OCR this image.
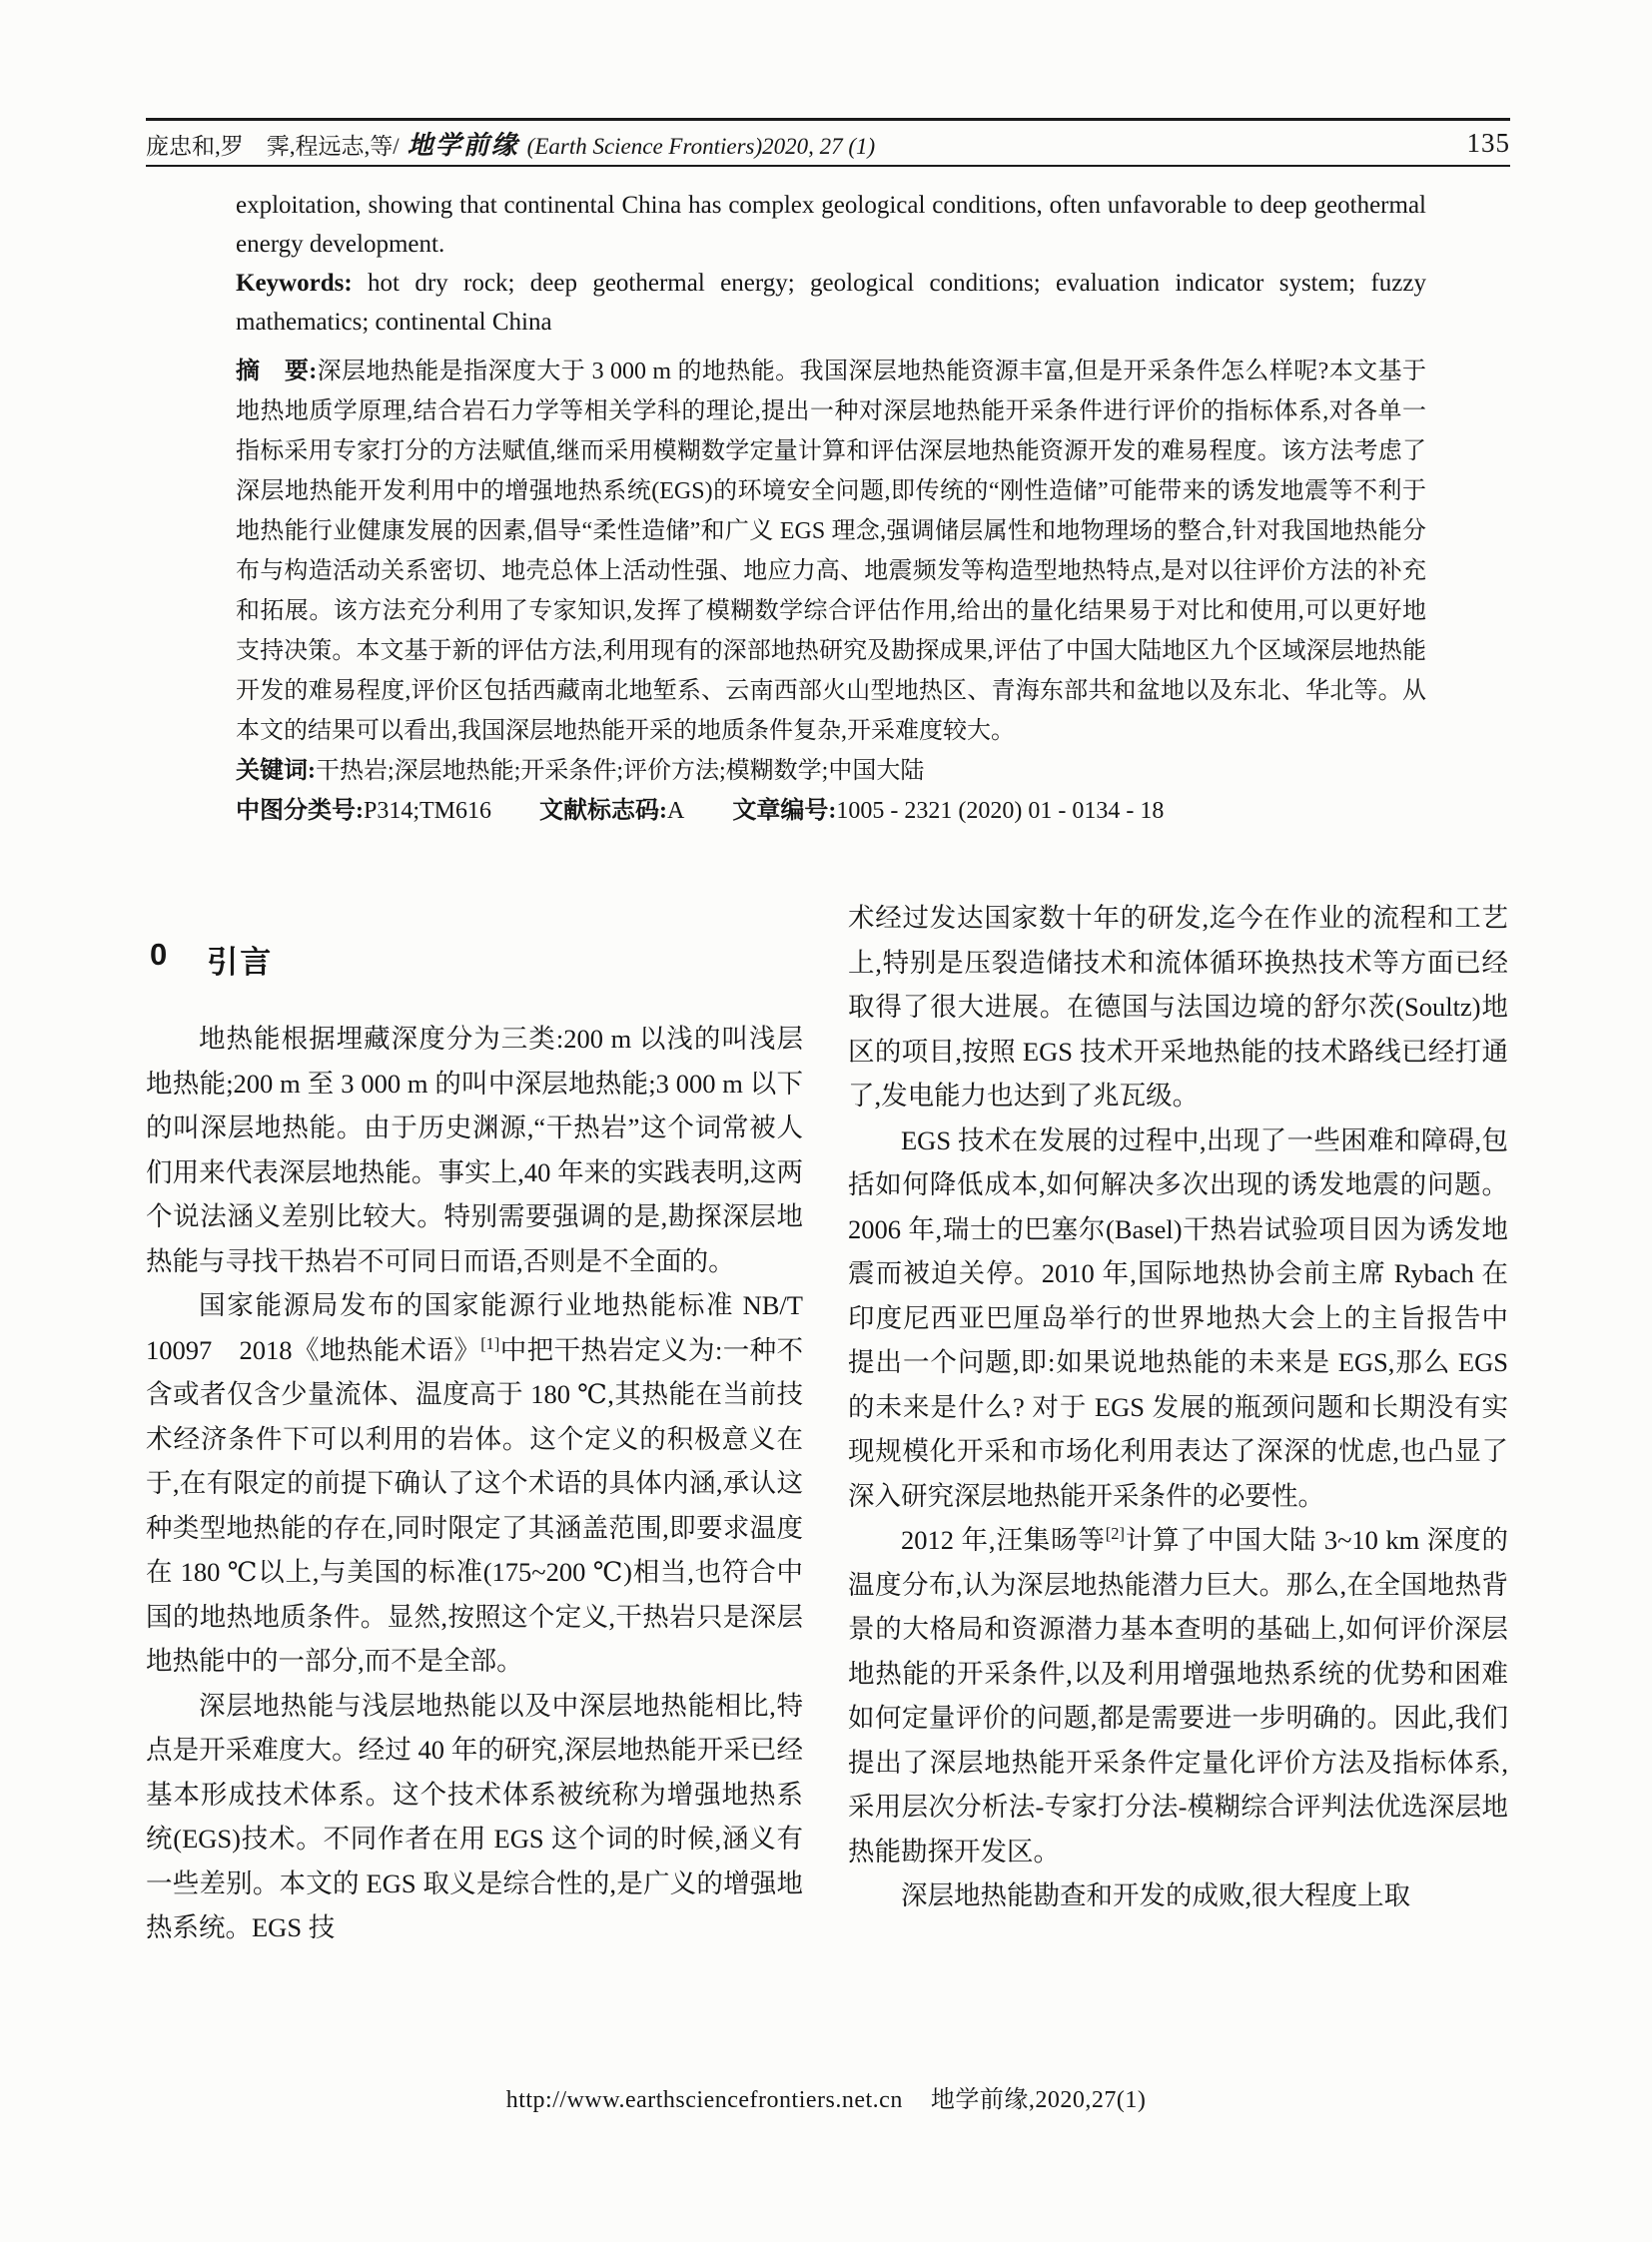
庞忠和,罗　霁,程远志,等/ 地学前缘 (Earth Science Frontiers)2020, 27 (1)	135

exploitation, showing that continental China has complex geological conditions, often unfavorable to deep geothermal energy development.

Keywords: hot dry rock; deep geothermal energy; geological conditions; evaluation indicator system; fuzzy mathematics; continental China

摘　要:深层地热能是指深度大于 3 000 m 的地热能。我国深层地热能资源丰富,但是开采条件怎么样呢?本文基于地热地质学原理,结合岩石力学等相关学科的理论,提出一种对深层地热能开采条件进行评价的指标体系,对各单一指标采用专家打分的方法赋值,继而采用模糊数学定量计算和评估深层地热能资源开发的难易程度。该方法考虑了深层地热能开发利用中的增强地热系统(EGS)的环境安全问题,即传统的“刚性造储”可能带来的诱发地震等不利于地热能行业健康发展的因素,倡导“柔性造储”和广义 EGS 理念,强调储层属性和地物理场的整合,针对我国地热能分布与构造活动关系密切、地壳总体上活动性强、地应力高、地震频发等构造型地热特点,是对以往评价方法的补充和拓展。该方法充分利用了专家知识,发挥了模糊数学综合评估作用,给出的量化结果易于对比和使用,可以更好地支持决策。本文基于新的评估方法,利用现有的深部地热研究及勘探成果,评估了中国大陆地区九个区域深层地热能开发的难易程度,评价区包括西藏南北地堑系、云南西部火山型地热区、青海东部共和盆地以及东北、华北等。从本文的结果可以看出,我国深层地热能开采的地质条件复杂,开采难度较大。

关键词:干热岩;深层地热能;开采条件;评价方法;模糊数学;中国大陆

中图分类号:P314;TM616 文献标志码:A 文章编号:1005 - 2321 (2020) 01 - 0134 - 18

0 引言

地热能根据埋藏深度分为三类:200 m 以浅的叫浅层地热能;200 m 至 3 000 m 的叫中深层地热能;3 000 m 以下的叫深层地热能。由于历史渊源,“干热岩”这个词常被人们用来代表深层地热能。事实上,40 年来的实践表明,这两个说法涵义差别比较大。特别需要强调的是,勘探深层地热能与寻找干热岩不可同日而语,否则是不全面的。

国家能源局发布的国家能源行业地热能标准 NB/T 10097　2018《地热能术语》[1]中把干热岩定义为:一种不含或者仅含少量流体、温度高于 180 ℃,其热能在当前技术经济条件下可以利用的岩体。这个定义的积极意义在于,在有限定的前提下确认了这个术语的具体内涵,承认这种类型地热能的存在,同时限定了其涵盖范围,即要求温度在 180 ℃以上,与美国的标准(175~200 ℃)相当,也符合中国的地热地质条件。显然,按照这个定义,干热岩只是深层地热能中的一部分,而不是全部。

深层地热能与浅层地热能以及中深层地热能相比,特点是开采难度大。经过 40 年的研究,深层地热能开采已经基本形成技术体系。这个技术体系被统称为增强地热系统(EGS)技术。不同作者在用 EGS 这个词的时候,涵义有一些差别。本文的 EGS 取义是综合性的,是广义的增强地热系统。EGS 技

术经过发达国家数十年的研发,迄今在作业的流程和工艺上,特别是压裂造储技术和流体循环换热技术等方面已经取得了很大进展。在德国与法国边境的舒尔茨(Soultz)地区的项目,按照 EGS 技术开采地热能的技术路线已经打通了,发电能力也达到了兆瓦级。

EGS 技术在发展的过程中,出现了一些困难和障碍,包括如何降低成本,如何解决多次出现的诱发地震的问题。2006 年,瑞士的巴塞尔(Basel)干热岩试验项目因为诱发地震而被迫关停。2010 年,国际地热协会前主席 Rybach 在印度尼西亚巴厘岛举行的世界地热大会上的主旨报告中提出一个问题,即:如果说地热能的未来是 EGS,那么 EGS 的未来是什么? 对于 EGS 发展的瓶颈问题和长期没有实现规模化开采和市场化利用表达了深深的忧虑,也凸显了深入研究深层地热能开采条件的必要性。

2012 年,汪集旸等[2]计算了中国大陆 3~10 km 深度的温度分布,认为深层地热能潜力巨大。那么,在全国地热背景的大格局和资源潜力基本查明的基础上,如何评价深层地热能的开采条件,以及利用增强地热系统的优势和困难如何定量评价的问题,都是需要进一步明确的。因此,我们提出了深层地热能开采条件定量化评价方法及指标体系,采用层次分析法-专家打分法-模糊综合评判法优选深层地热能勘探开发区。

深层地热能勘查和开发的成败,很大程度上取

http://www.earthsciencefrontiers.net.cn 地学前缘,2020,27(1)
